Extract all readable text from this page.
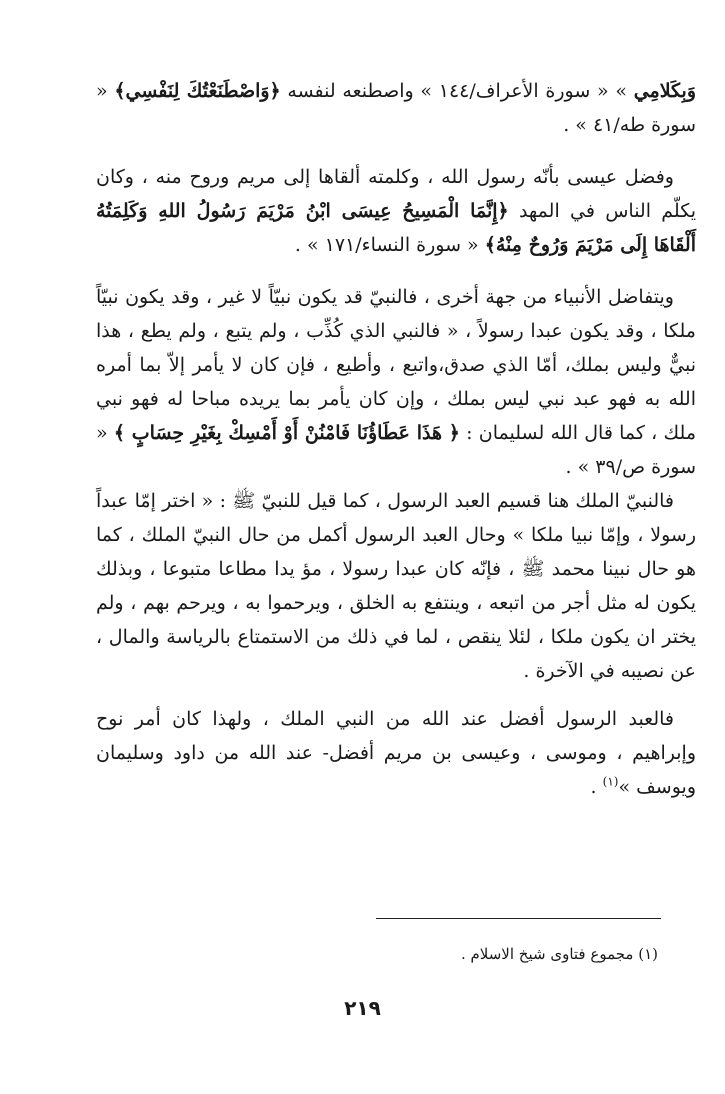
وَبِكَلامِي » « سورة الأعراف/١٤٤ » واصطنعه لنفسه ﴿وَاصْطَنَعْتُكَ لِنَفْسِي﴾ « سورة طه/٤١ » .

وفضل عيسى بأنّه رسول الله ، وكلمته ألقاها إلى مريم وروح منه ، وكان يكلّم الناس في المهد ﴿إِنَّمَا الْمَسِيحُ عِيسَى ابْنُ مَرْيَمَ رَسُولُ اللهِ وَكَلِمَتُهُ أَلْقَاهَا إِلَى مَرْيَمَ وَرُوحٌ مِنْهُ﴾ « سورة النساء/١٧١ » .

ويتفاضل الأنبياء من جهة أخرى ، فالنبيّ قد يكون نبيّاً لا غير ، وقد يكون نبيّاً ملكا ، وقد يكون عبدا رسولاً ، « فالنبي الذي كُذِّب ، ولم يتبع ، ولم يطع ، هذا نبيٌّ وليس بملك، أمّا الذي صدق،واتبع ، وأطيع ، فإن كان لا يأمر إلاّ بما أمره الله به فهو عبد نبي ليس بملك ، وإن كان يأمر بما يريده مباحا له فهو نبي ملك ، كما قال الله لسليمان : ﴿ هَذَا عَطَاؤُنَا فَامْنُنْ أَوْ أَمْسِكْ بِغَيْرِ حِسَابٍ ﴾ « سورة ص/٣٩ » .

فالنبيّ الملك هنا قسيم العبد الرسول ، كما قيل للنبيّ ﷺ : « اختر إمّا عبداً رسولا ، وإمّا نبيا ملكا » وحال العبد الرسول أكمل من حال النبيّ الملك ، كما هو حال نبينا محمد ﷺ ، فإنّه كان عبدا رسولا ، مؤ يدا مطاعا متبوعا ، وبذلك يكون له مثل أجر من اتبعه ، وينتفع به الخلق ، ويرحموا به ، ويرحم بهم ، ولم يختر ان يكون ملكا ، لئلا ينقص ، لما في ذلك من الاستمتاع بالرياسة والمال ، عن نصيبه في الآخرة .

فالعبد الرسول أفضل عند الله من النبي الملك ، ولهذا كان أمر نوح وإبراهيم ، وموسى ، وعيسى بن مريم أفضل- عند الله من داود وسليمان ويوسف »$^{(١)}$ .

(١) مجموع فتاوى شيخ الاسلام .

٢١٩
